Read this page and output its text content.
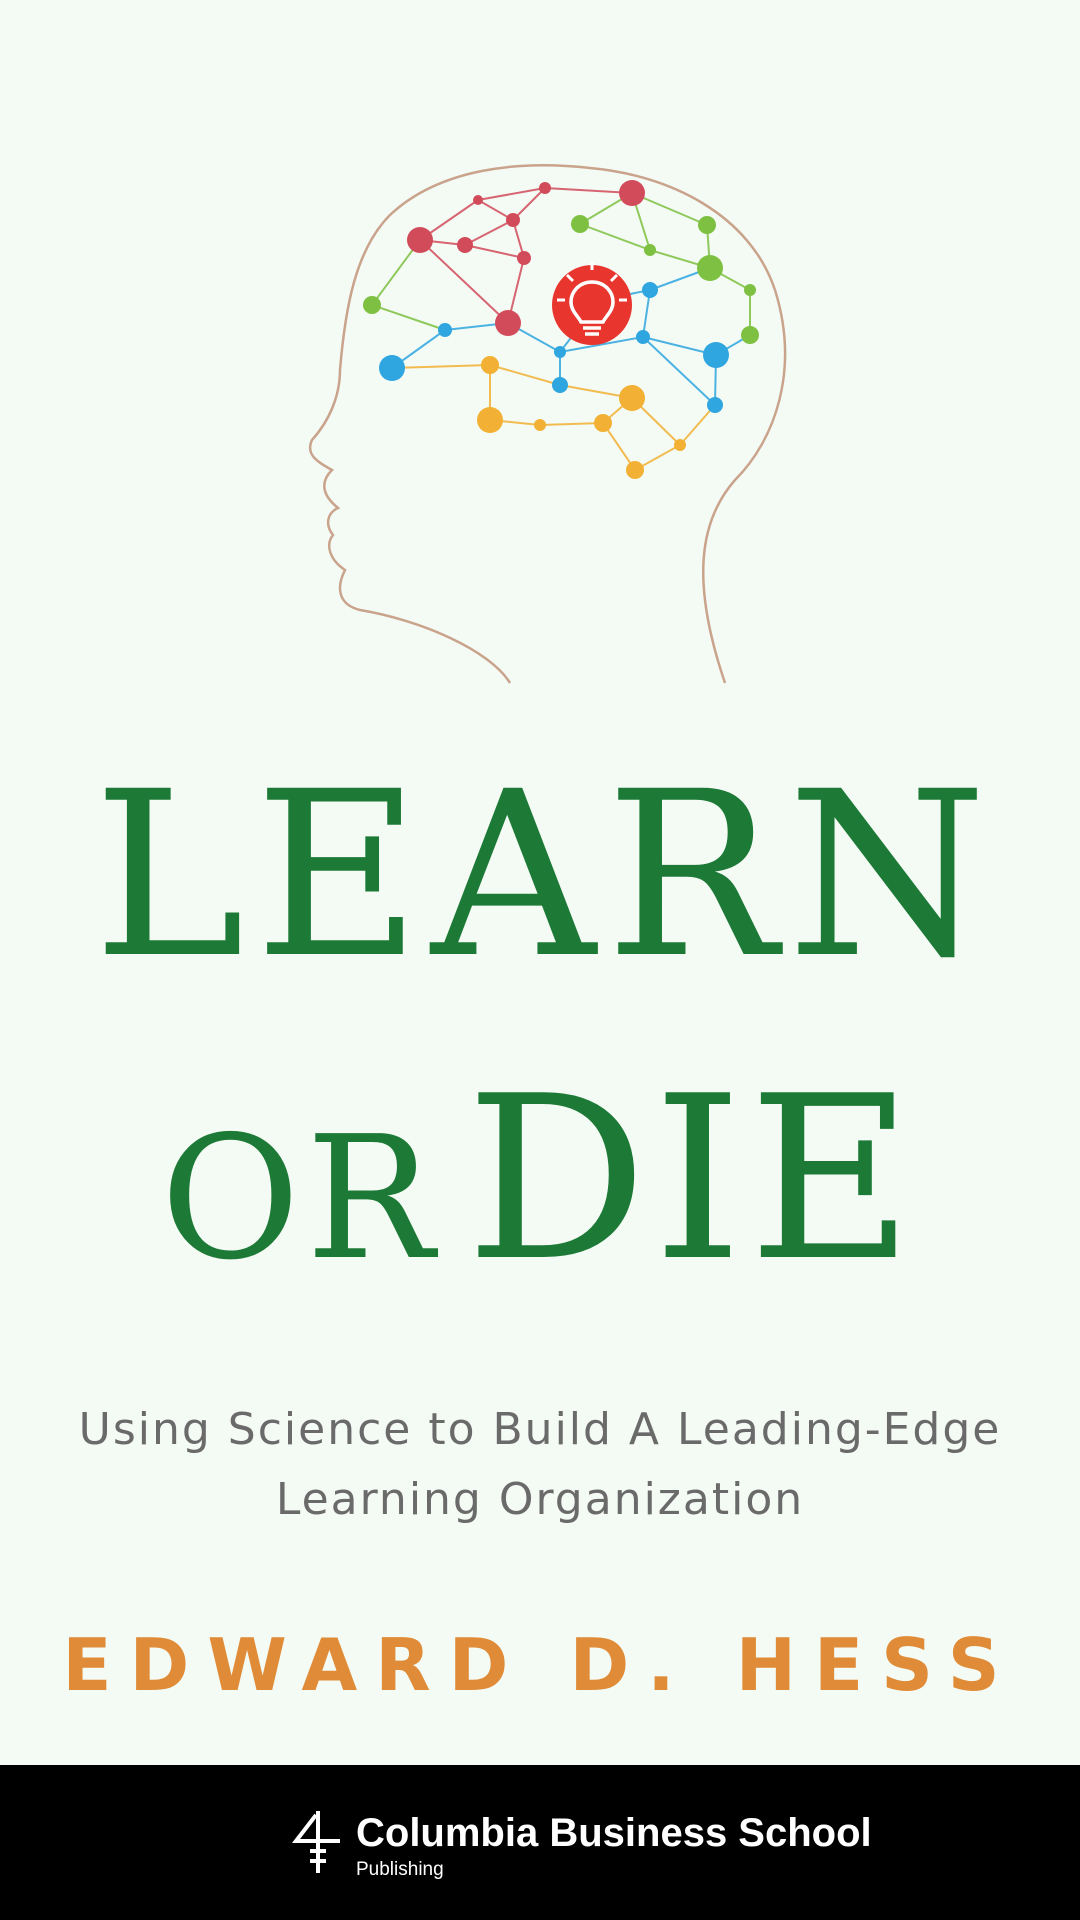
LEARN
OR DIE
Using Science to Build A Leading-Edge
Learning Organization
EDWARD D. HESS
Columbia Business School
Publishing
